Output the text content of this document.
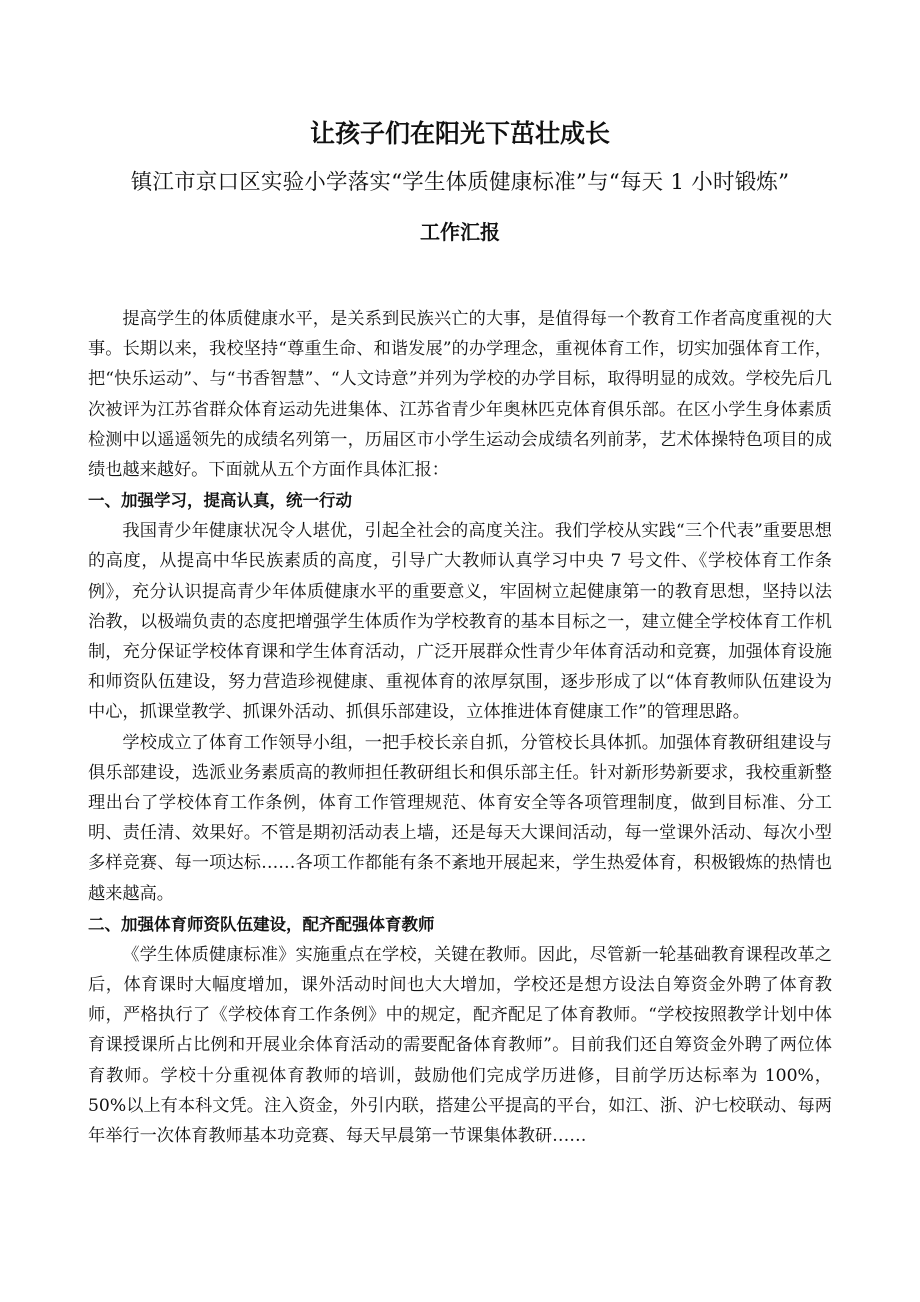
让孩子们在阳光下茁壮成长

镇江市京口区实验小学落实“学生体质健康标准”与“每天 1 小时锻炼”

工作汇报

提高学生的体质健康水平，是关系到民族兴亡的大事，是值得每一个教育工作者高度重视的大事。长期以来，我校坚持“尊重生命、和谐发展”的办学理念，重视体育工作，切实加强体育工作，把“快乐运动”、与“书香智慧”、“人文诗意”并列为学校的办学目标，取得明显的成效。学校先后几次被评为江苏省群众体育运动先进集体、江苏省青少年奥林匹克体育俱乐部。在区小学生身体素质检测中以遥遥领先的成绩名列第一，历届区市小学生运动会成绩名列前茅，艺术体操特色项目的成绩也越来越好。下面就从五个方面作具体汇报：

一、加强学习，提高认真，统一行动

我国青少年健康状况令人堪优，引起全社会的高度关注。我们学校从实践“三个代表”重要思想的高度，从提高中华民族素质的高度，引导广大教师认真学习中央 7 号文件、《学校体育工作条例》，充分认识提高青少年体质健康水平的重要意义，牢固树立起健康第一的教育思想，坚持以法治教，以极端负责的态度把增强学生体质作为学校教育的基本目标之一，建立健全学校体育工作机制，充分保证学校体育课和学生体育活动，广泛开展群众性青少年体育活动和竞赛，加强体育设施和师资队伍建设，努力营造珍视健康、重视体育的浓厚氛围，逐步形成了以“体育教师队伍建设为中心，抓课堂教学、抓课外活动、抓俱乐部建设，立体推进体育健康工作”的管理思路。

学校成立了体育工作领导小组，一把手校长亲自抓，分管校长具体抓。加强体育教研组建设与俱乐部建设，选派业务素质高的教师担任教研组长和俱乐部主任。针对新形势新要求，我校重新整理出台了学校体育工作条例，体育工作管理规范、体育安全等各项管理制度，做到目标准、分工明、责任清、效果好。不管是期初活动表上墙，还是每天大课间活动，每一堂课外活动、每次小型多样竞赛、每一项达标……各项工作都能有条不紊地开展起来，学生热爱体育，积极锻炼的热情也越来越高。

二、加强体育师资队伍建设，配齐配强体育教师

《学生体质健康标准》实施重点在学校，关键在教师。因此，尽管新一轮基础教育课程改革之后，体育课时大幅度增加，课外活动时间也大大增加，学校还是想方设法自筹资金外聘了体育教师，严格执行了《学校体育工作条例》中的规定，配齐配足了体育教师。“学校按照教学计划中体育课授课所占比例和开展业余体育活动的需要配备体育教师”。目前我们还自筹资金外聘了两位体育教师。学校十分重视体育教师的培训，鼓励他们完成学历进修，目前学历达标率为 100%，50%以上有本科文凭。注入资金，外引内联，搭建公平提高的平台，如江、浙、沪七校联动、每两年举行一次体育教师基本功竞赛、每天早晨第一节课集体教研……
